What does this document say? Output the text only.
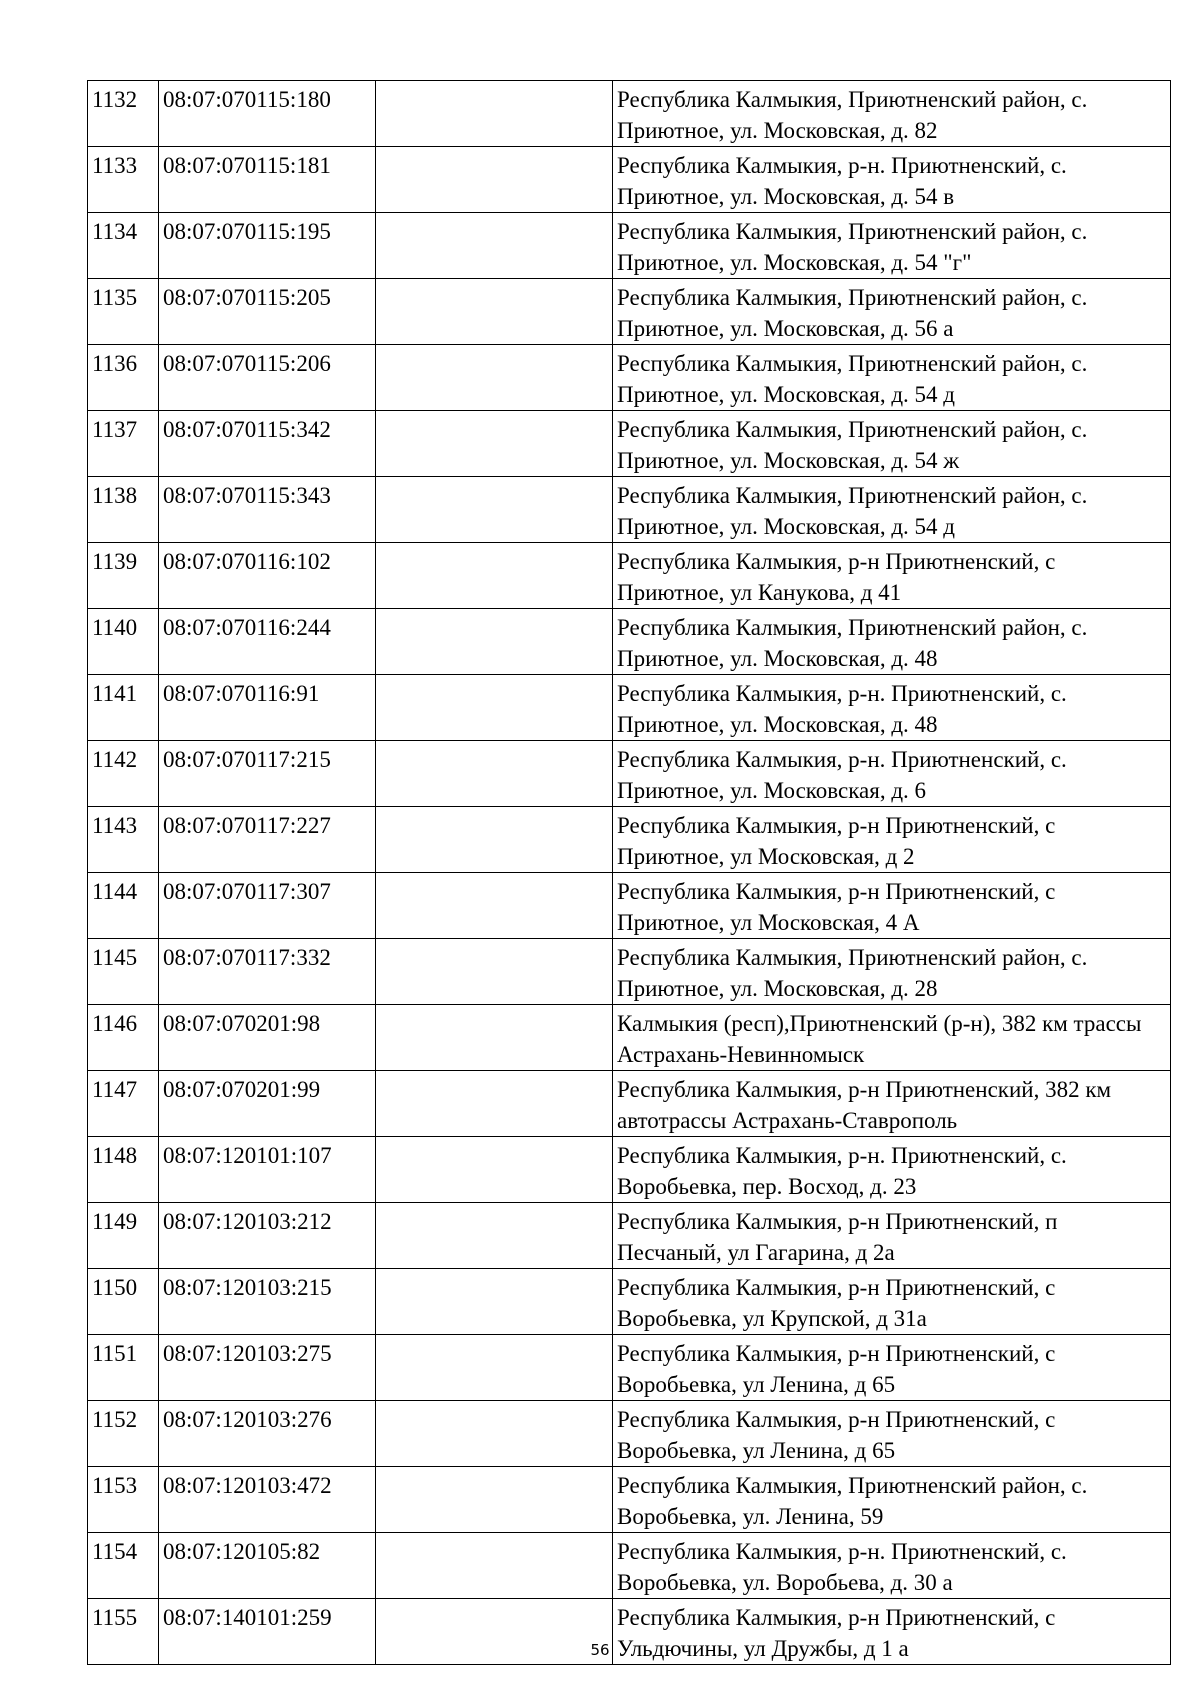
1132	08:07:070115:180		Республика Калмыкия, Приютненский район, с. Приютное, ул. Московская, д. 82
1133	08:07:070115:181		Республика Калмыкия, р-н. Приютненский, с. Приютное, ул. Московская, д. 54 в
1134	08:07:070115:195		Республика Калмыкия, Приютненский район, с. Приютное, ул. Московская, д. 54 "г"
1135	08:07:070115:205		Республика Калмыкия, Приютненский район, с. Приютное, ул. Московская, д. 56 а
1136	08:07:070115:206		Республика Калмыкия, Приютненский район, с. Приютное, ул. Московская, д. 54 д
1137	08:07:070115:342		Республика Калмыкия, Приютненский район, с. Приютное, ул. Московская, д. 54 ж
1138	08:07:070115:343		Республика Калмыкия, Приютненский район, с. Приютное, ул. Московская, д. 54 д
1139	08:07:070116:102		Республика Калмыкия, р-н Приютненский, с Приютное, ул Канукова, д 41
1140	08:07:070116:244		Республика Калмыкия, Приютненский район, с. Приютное, ул. Московская, д. 48
1141	08:07:070116:91		Республика Калмыкия, р-н. Приютненский, с. Приютное, ул. Московская, д. 48
1142	08:07:070117:215		Республика Калмыкия, р-н. Приютненский, с. Приютное, ул. Московская, д. 6
1143	08:07:070117:227		Республика Калмыкия, р-н Приютненский, с Приютное, ул Московская, д 2
1144	08:07:070117:307		Республика Калмыкия, р-н Приютненский, с Приютное, ул Московская, 4 А
1145	08:07:070117:332		Республика Калмыкия, Приютненский район, с. Приютное, ул. Московская, д. 28
1146	08:07:070201:98		Калмыкия (респ),Приютненский (р-н), 382 км трассы Астрахань-Невинномыск
1147	08:07:070201:99		Республика Калмыкия, р-н Приютненский, 382 км автотрассы Астрахань-Ставрополь
1148	08:07:120101:107		Республика Калмыкия, р-н. Приютненский, с. Воробьевка, пер. Восход, д. 23
1149	08:07:120103:212		Республика Калмыкия, р-н Приютненский, п Песчаный, ул Гагарина, д 2а
1150	08:07:120103:215		Республика Калмыкия, р-н Приютненский, с Воробьевка, ул Крупской, д 31а
1151	08:07:120103:275		Республика Калмыкия, р-н Приютненский, с Воробьевка, ул Ленина, д 65
1152	08:07:120103:276		Республика Калмыкия, р-н Приютненский, с Воробьевка, ул Ленина, д 65
1153	08:07:120103:472		Республика Калмыкия, Приютненский район, с. Воробьевка, ул. Ленина, 59
1154	08:07:120105:82		Республика Калмыкия, р-н. Приютненский, с. Воробьевка, ул. Воробьева, д. 30 а
1155	08:07:140101:259		Республика Калмыкия, р-н Приютненский, с Ульдючины, ул Дружбы, д 1 а
56
